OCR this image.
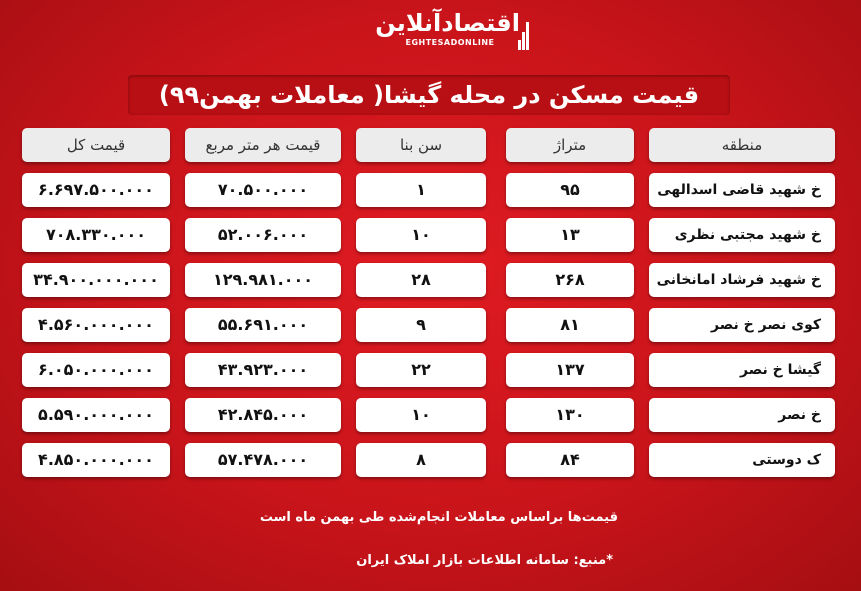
اقتصادآنلاین
EGHTESADONLINE
قیمت مسکن در محله گیشا( معاملات بهمن۹۹)
منطقه
متراژ
سن بنا
قیمت هر متر مربع
قیمت کل
خ شهید قاضی اسدالهی
۹۵
۱
۷۰.۵۰۰.۰۰۰
۶.۶۹۷.۵۰۰.۰۰۰
خ شهید مجتبی نظری
۱۳
۱۰
۵۲.۰۰۶.۰۰۰
۷۰۸.۳۳۰.۰۰۰
خ شهید فرشاد امانخانی
۲۶۸
۲۸
۱۲۹.۹۸۱.۰۰۰
۳۴.۹۰۰.۰۰۰.۰۰۰
کوی نصر خ نصر
۸۱
۹
۵۵.۶۹۱.۰۰۰
۴.۵۶۰.۰۰۰.۰۰۰
گیشا خ نصر
۱۳۷
۲۲
۴۳.۹۲۳.۰۰۰
۶.۰۵۰.۰۰۰.۰۰۰
خ نصر
۱۳۰
۱۰
۴۲.۸۴۵.۰۰۰
۵.۵۹۰.۰۰۰.۰۰۰
ک دوستی
۸۴
۸
۵۷.۴۷۸.۰۰۰
۴.۸۵۰.۰۰۰.۰۰۰
قیمت‌ها براساس معاملات انجام‌شده طی بهمن ماه است
*منبع: سامانه اطلاعات بازار املاک ایران
